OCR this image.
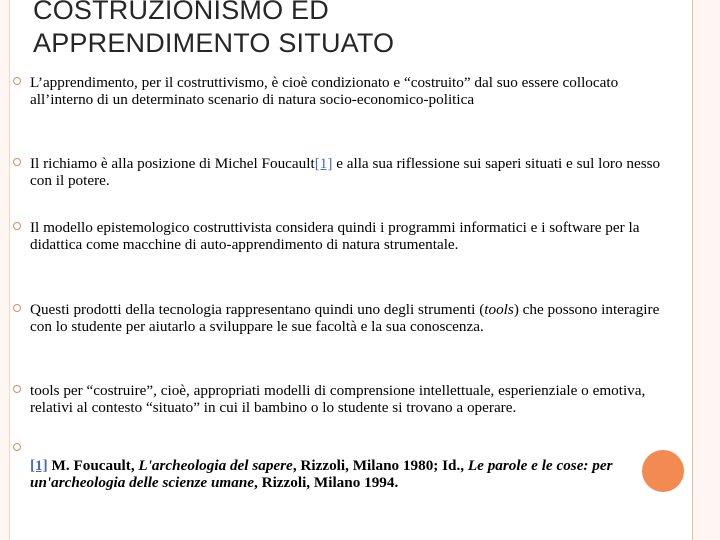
COSTRUZIONISMO ED
APPRENDIMENTO SITUATO
L’apprendimento, per il costruttivismo, è cioè condizionato e “costruito” dal suo essere collocato all’interno di un determinato scenario di natura socio-economico-politica
Il richiamo è alla posizione di Michel Foucault[1] e alla sua riflessione sui saperi situati e sul loro nesso con il potere.
Il modello epistemologico costruttivista considera quindi i programmi informatici e i software per la didattica come macchine di auto-apprendimento di natura strumentale.
Questi prodotti della tecnologia rappresentano quindi uno degli strumenti (tools) che possono interagire con lo studente per aiutarlo a sviluppare le sue facoltà e la sua conoscenza.
tools per “costruire”, cioè, appropriati modelli di comprensione intellettuale, esperienziale o emotiva, relativi al contesto “situato” in cui il bambino o lo studente si trovano a operare.
[1] M. Foucault, L'archeologia del sapere, Rizzoli, Milano 1980; Id., Le parole e le cose: per un'archeologia delle scienze umane, Rizzoli, Milano 1994.
